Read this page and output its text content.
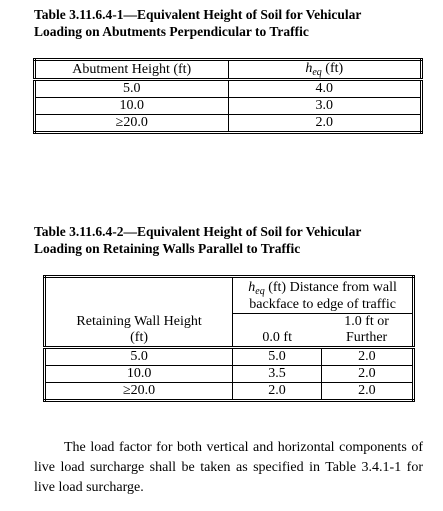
Table 3.11.6.4-1—Equivalent Height of Soil for Vehicular
Loading on Abutments Perpendicular to Traffic

Abutment Height (ft)	$h_{eq}$ (ft)
5.0	4.0
10.0	3.0
≥20.0	2.0

Table 3.11.6.4-2—Equivalent Height of Soil for Vehicular
Loading on Retaining Walls Parallel to Traffic

	$h_{eq}$ (ft) Distance from wall
backface to edge of traffic	
Retaining Wall Height
(ft)	0.0 ft	1.0 ft or
Further
5.0	5.0	2.0
10.0	3.5	2.0
≥20.0	2.0	2.0

The load factor for both vertical and horizontal components of live load surcharge shall be taken as specified in Table 3.4.1-1 for live load surcharge.
